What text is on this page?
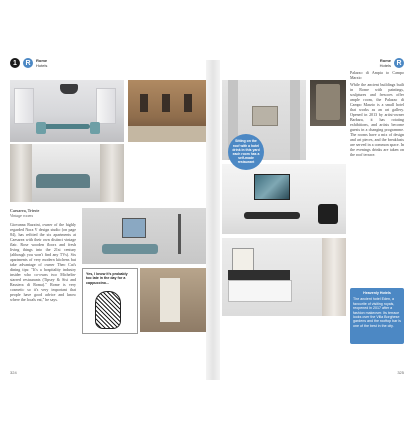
1	R	Rome
Hotels
Caesarea, Trieste
Vintage rooms
Giovanna Ruzzini, owner of the highly regarded Nora V design studio (on page 84), has refitted the six apartments at Caesarea with their own distinct vintage flair. Rose wooden floors and fresh living things into the 21st century (although you won't find any TVs). Six apartments of very modern kitchens but take advantage of owner Theo Cat's dining tips: "It's a hospitality industry insider who co-owns two Michelin-starred restaurants (Tipsey & Sisi and Rassiera di Roma)." Rome is very cosmetic so it's very important that people have good advice and know where the locals eat," he says.
Yes, I know it's probably too late in the day for a cappuccino...
324
Rome
Hotels R
Sitting on the roof with a hotel drink in this yard each room has a self-made restaurant
Palazzo di Ampia to Campo Marzio
While the ancient buildings built in Rome with paintings, sculptures and frescoes offer ample room, the Palazzo di Campo Marzio is a small hotel that works as an art gallery. Opened in 2013 by artist-owner Barbara, it has rotating exhibitions, and artists become guests in a changing programme. The rooms have a mix of design and art pieces, and the breakfasts are served in a common space. In the evenings drinks are taken on the roof terrace.
Heavenly Hotels
The ancient hotel Eden, a favourite of visiting royals, reopened in 2017 after a fashion makeover. Its terrace looks over the Villa Borghese gardens and the rooftop bar is one of the best in the city.
325
